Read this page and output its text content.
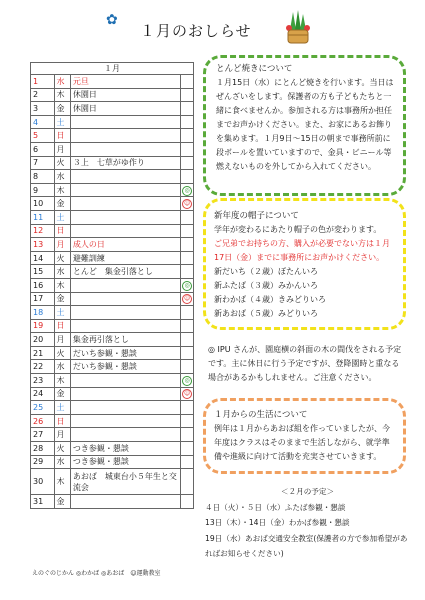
✿
１月のおしらせ
１月			
1	水	元旦	
2	木	休園日	
3	金	休園日	
4	土		
5	日		
6	月		
7	火	３上　七草がゆ作り	
8	水		
9	木		◎
10	金		☺
11	土		
12	日		
13	月	成人の日	
14	火	避難訓練	
15	水	とんど　集金引落とし	
16	木		◎
17	金		☺
18	土		
19	日		
20	月	集金再引落とし	
21	火	だいち参観・懇談	
22	水	だいち参観・懇談	
23	木		◎
24	金		☺
25	土		
26	日		
27	月		
28	火	つき参観・懇談	
29	水	つき参観・懇談	
30	木	あおば　城東台小５年生と交流会	
31	金		
えのぐのじかん ◎わかば ◎あおば　☺運動教室
とんど焼きについて
１月15日（水）にとんど焼きを行います。当日はぜんざいをします。保護者の方も子どもたちと一緒に食べませんか。参加される方は事務所か担任までお声かけください。また、お家にあるお飾りを集めます。１月9日～15日の朝まで事務所前に段ボールを置いていますので、金具・ビニール等燃えないものを外してから入れてください。
新年度の帽子について
学年が変わるにあたり帽子の色が変わります。
ご兄弟でお持ちの方、購入が必要でない方は１月17日（金）までに事務所にお声かけください。
新だいち（２歳）ぼたんいろ
新ふたば（３歳）みかんいろ
新わかば（４歳）きみどりいろ
新あおば（５歳）みどりいろ
◎ IPU さんが、園庭横の斜面の木の間伐をされる予定です。主に休日に行う予定ですが、登降園時と重なる場合があるかもしれません。ご注意ください。
１月からの生活について
例年は１月からあおば組を作っていましたが、今年度はクラスはそのままで生活しながら、就学準備や進級に向けて活動を充実させていきます。
＜２月の予定＞
４日（火）・５日（水）ふたば参観・懇談
13日（木）・14日（金）わかば参観・懇談
19日（水）あおば交通安全教室(保護者の方で参加希望があればお知らせください)
